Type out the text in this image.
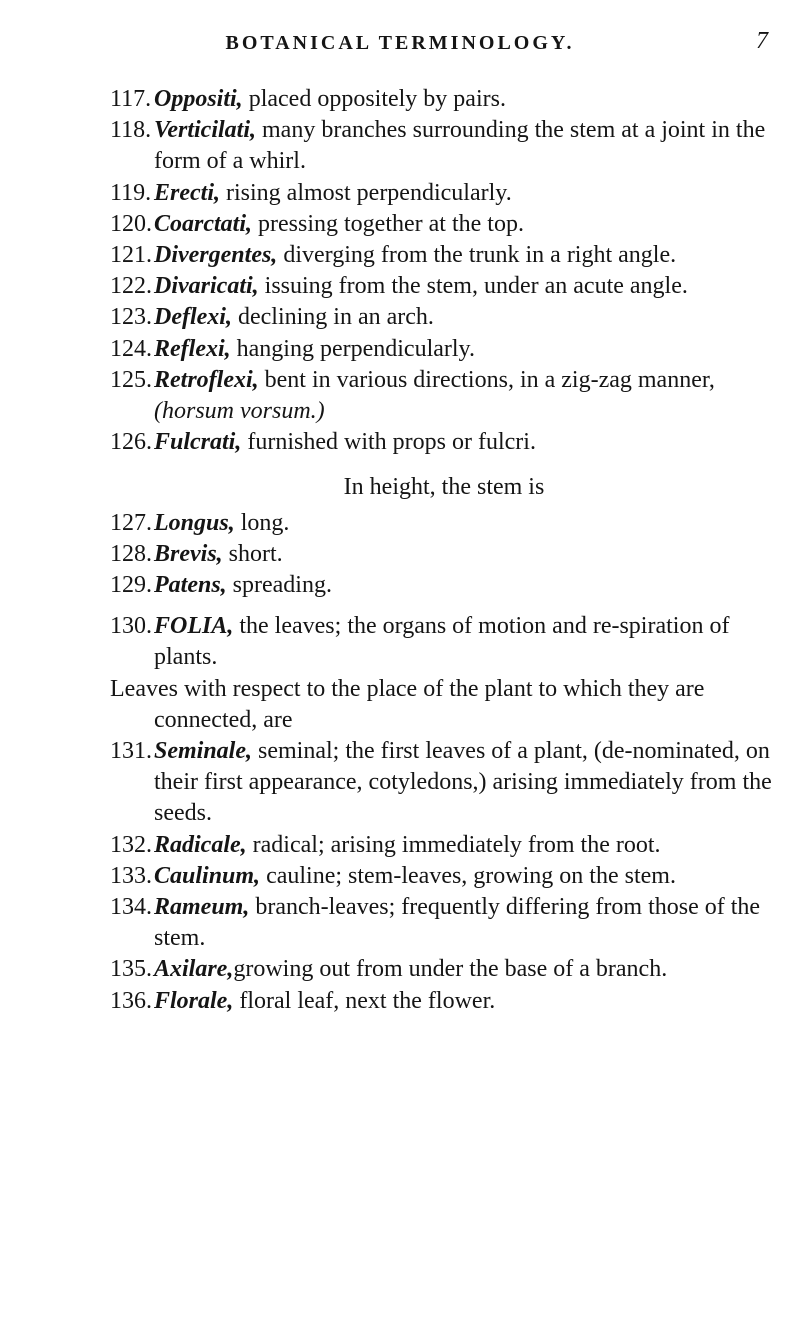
BOTANICAL TERMINOLOGY.	7
117. Oppositi, placed oppositely by pairs.
118. Verticilati, many branches surrounding the stem at a joint in the form of a whirl.
119. Erecti, rising almost perpendicularly.
120. Coarctati, pressing together at the top.
121. Divergentes, diverging from the trunk in a right angle.
122. Divaricati, issuing from the stem, under an acute angle.
123. Deflexi, declining in an arch.
124. Reflexi, hanging perpendicularly.
125. Retroflexi, bent in various directions, in a zig-zag manner, (horsum vorsum.)
126. Fulcrati, furnished with props or fulcri.
In height, the stem is
127. Longus, long.
128. Brevis, short.
129. Patens, spreading.
130. FOLIA, the leaves; the organs of motion and re-spiration of plants.
Leaves with respect to the place of the plant to which they are connected, are
131. Seminale, seminal; the first leaves of a plant, (de-nominated, on their first appearance, cotyledons,) arising immediately from the seeds.
132. Radicale, radical; arising immediately from the root.
133. Caulinum, cauline; stem-leaves, growing on the stem.
134. Rameum, branch-leaves; frequently differing from those of the stem.
135. Axilare,growing out from under the base of a branch.
136. Florale, floral leaf, next the flower.
